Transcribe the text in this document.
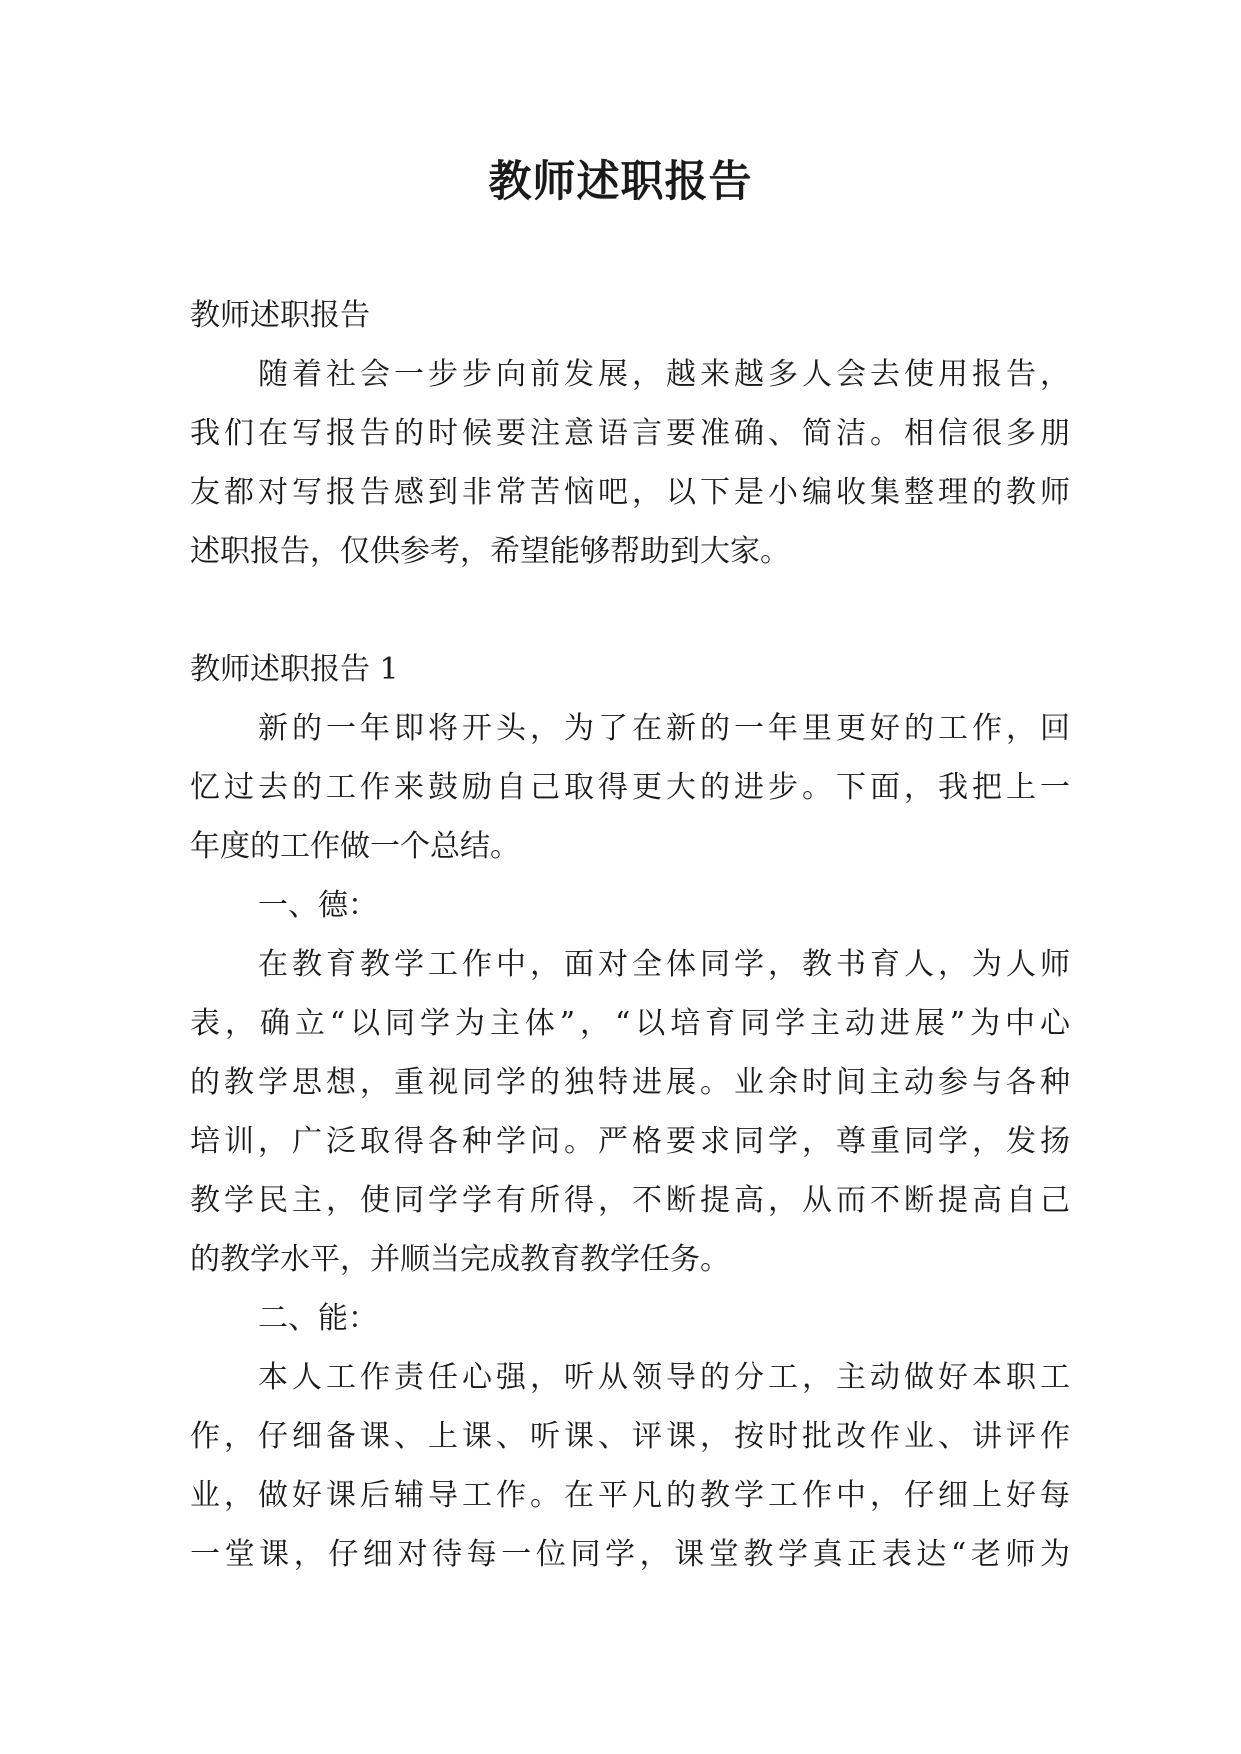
教师述职报告
教师述职报告
随着社会一步步向前发展，越来越多人会去使用报告，
我们在写报告的时候要注意语言要准确、简洁。相信很多朋
友都对写报告感到非常苦恼吧，以下是小编收集整理的教师
述职报告，仅供参考，希望能够帮助到大家。
教师述职报告 1
新的一年即将开头，为了在新的一年里更好的工作，回
忆过去的工作来鼓励自己取得更大的进步。下面，我把上一
年度的工作做一个总结。
一、德：
在教育教学工作中，面对全体同学，教书育人，为人师
表，确立“以同学为主体”，“以培育同学主动进展”为中心
的教学思想，重视同学的独特进展。业余时间主动参与各种
培训，广泛取得各种学问。严格要求同学，尊重同学，发扬
教学民主，使同学学有所得，不断提高，从而不断提高自己
的教学水平，并顺当完成教育教学任务。
二、能：
本人工作责任心强，听从领导的分工，主动做好本职工
作，仔细备课、上课、听课、评课，按时批改作业、讲评作
业，做好课后辅导工作。在平凡的教学工作中，仔细上好每
一堂课，仔细对待每一位同学，课堂教学真正表达“老师为
